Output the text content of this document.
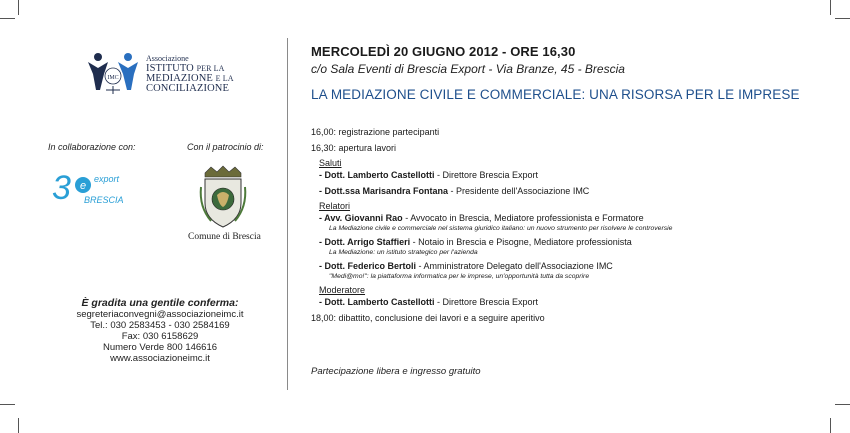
IMC
Associazione
ISTITUTO PER LA
MEDIAZIONE E LA
CONCILIAZIONE
In collaborazione con:	Con il patrocinio di:
3 e
export
BRESCIA
Comune di Brescia
È gradita una gentile conferma:
segreteriaconvegni@associazioneimc.it
Tel.: 030 2583453 - 030 2584169
Fax: 030 6158629
Numero Verde 800 146616
www.associazioneimc.it
MERCOLEDÌ 20 GIUGNO 2012 - ORE 16,30
c/o Sala Eventi di Brescia Export - Via Branze, 45 - Brescia
LA MEDIAZIONE CIVILE E COMMERCIALE: UNA RISORSA PER LE IMPRESE
16,00: registrazione partecipanti
16,30: apertura lavori
Saluti
- Dott. Lamberto Castellotti - Direttore Brescia Export
- Dott.ssa Marisandra Fontana - Presidente dell'Associazione IMC
Relatori
- Avv. Giovanni Rao - Avvocato in Brescia, Mediatore professionista e Formatore
La Mediazione civile e commerciale nel sistema giuridico italiano: un nuovo strumento per risolvere le controversie
- Dott. Arrigo Staffieri - Notaio in Brescia e Pisogne, Mediatore professionista
La Mediazione: un istituto strategico per l'azienda
- Dott. Federico Bertoli - Amministratore Delegato dell'Associazione IMC
"Medi@mo!": la piattaforma informatica per le imprese, un'opportunità tutta da scoprire
Moderatore
- Dott. Lamberto Castellotti - Direttore Brescia Export
18,00: dibattito, conclusione dei lavori e a seguire aperitivo
Partecipazione libera e ingresso gratuito
